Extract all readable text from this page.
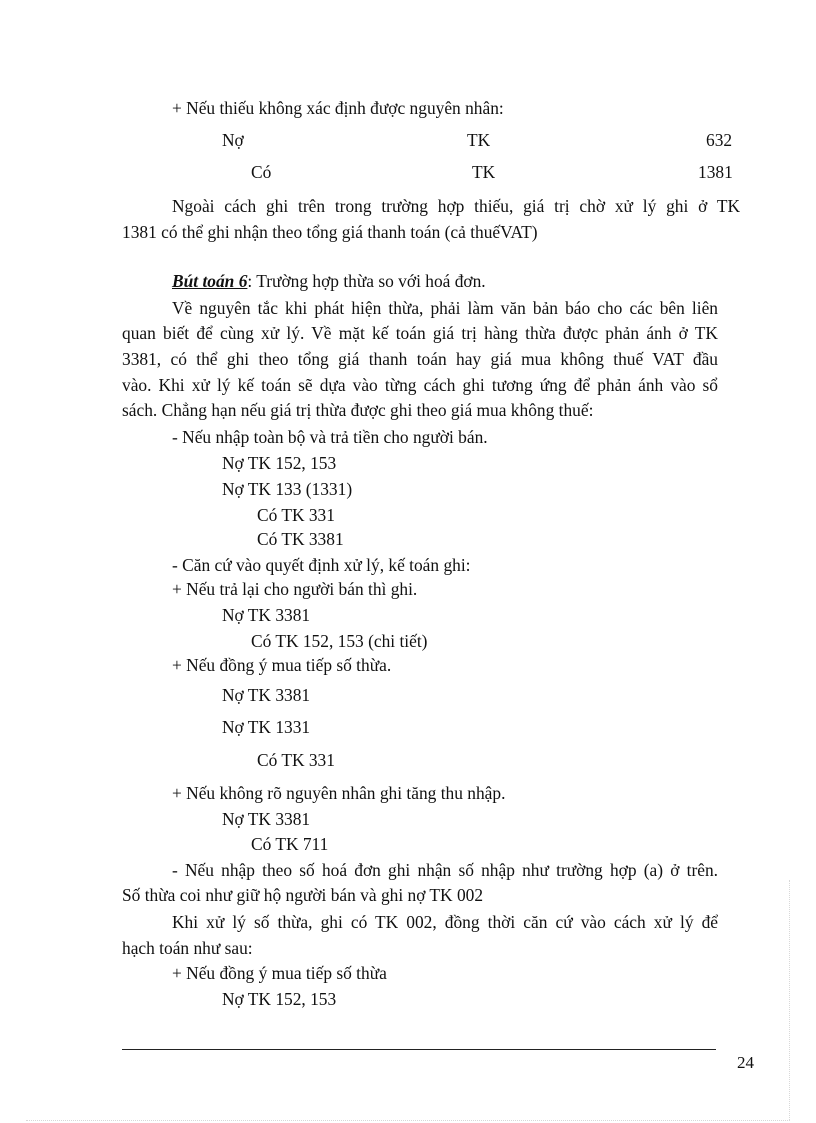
+ Nếu thiếu không xác định được nguyên nhân:
Nợ	TK	632
Có	TK	1381
Ngoài cách ghi trên trong trường hợp thiếu, giá trị chờ xử lý ghi ở TK
1381 có thể ghi nhận theo tổng giá thanh toán (cả thuếVAT)
Bút toán 6: Trường hợp thừa so với hoá đơn.
Về nguyên tắc khi phát hiện thừa, phải làm văn bản báo cho các bên liên
quan biết để cùng xử lý. Về mặt kế toán giá trị hàng thừa được phản ánh ở TK
3381, có thể ghi theo tổng giá thanh toán hay giá mua không thuế VAT đầu
vào. Khi xử lý kế toán sẽ dựa vào từng cách ghi tương ứng để phản ánh vào sổ
sách. Chẳng hạn nếu giá trị thừa được ghi theo giá mua không thuế:
- Nếu nhập toàn bộ và trả tiền cho người bán.
Nợ TK 152, 153
Nợ TK 133 (1331)
Có TK 331
Có TK 3381
- Căn cứ vào quyết định xử lý, kế toán ghi:
+ Nếu trả lại cho người bán thì ghi.
Nợ TK 3381
Có TK 152, 153 (chi tiết)
+ Nếu đồng ý mua tiếp số thừa.
Nợ TK 3381
Nợ TK 1331
Có TK 331
+ Nếu không rõ nguyên nhân ghi tăng thu nhập.
Nợ TK 3381
Có TK 711
- Nếu nhập theo số hoá đơn ghi nhận số nhập như trường hợp (a) ở trên.
Số thừa coi như giữ hộ người bán và ghi nợ TK 002
Khi xử lý số thừa, ghi có TK 002, đồng thời căn cứ vào cách xử lý để
hạch toán như sau:
+ Nếu đồng ý mua tiếp số thừa
Nợ TK 152, 153
24
